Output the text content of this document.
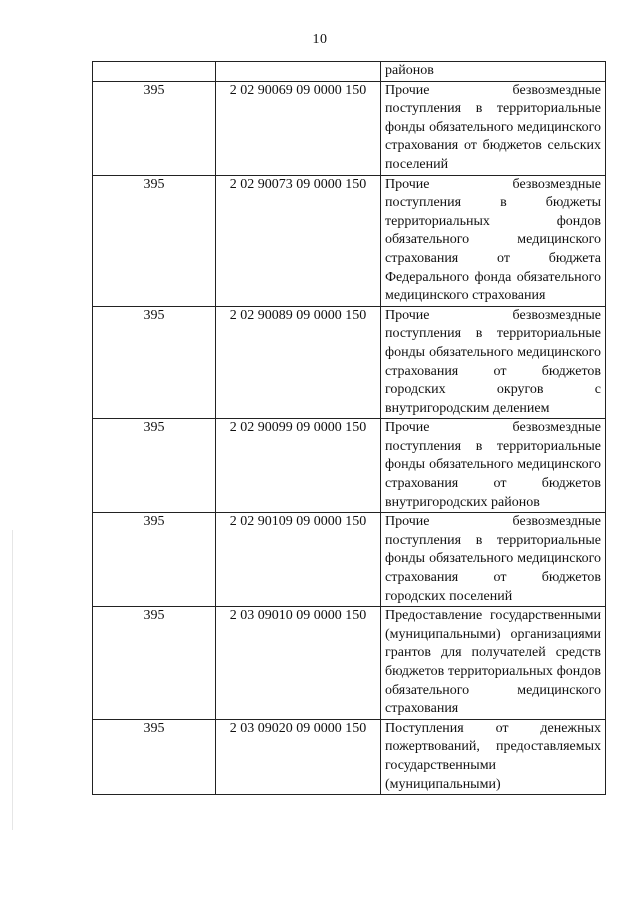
10

		районов

395	2 02 90069 09 0000 150	Прочие безвозмездные поступления в территориальные фонды обязательного медицинского страхования от бюджетов сельских поселений

395	2 02 90073 09 0000 150	Прочие безвозмездные поступления в бюджеты территориальных фондов обязательного медицинского страхования от бюджета Федерального фонда обязательного медицинского страхования

395	2 02 90089 09 0000 150	Прочие безвозмездные поступления в территориальные фонды обязательного медицинского страхования от бюджетов городских округов с внутригородским делением

395	2 02 90099 09 0000 150	Прочие безвозмездные поступления в территориальные фонды обязательного медицинского страхования от бюджетов внутригородских районов

395	2 02 90109 09 0000 150	Прочие безвозмездные поступления в территориальные фонды обязательного медицинского страхования от бюджетов городских поселений

395	2 03 09010 09 0000 150	Предоставление государственными (муниципальными) организациями грантов для получателей средств бюджетов территориальных фондов обязательного медицинского страхования

395	2 03 09020 09 0000 150	Поступления от денежных пожертвований, предоставляемых государственными (муниципальными)
